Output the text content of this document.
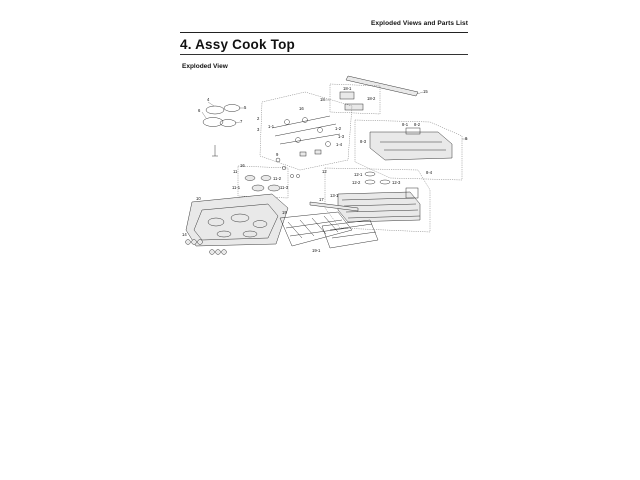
Exploded Views and Parts List
4. Assy Cook Top
Exploded View
4
5
6
7
2
3
1-1	1-2
1-3
1-4
16
15
18
18-1
18-2
8
8-1 8-2
8-3
8-4
16
9
11
11-1
11-2
11-3
12
12-1
12-2	12-3
13-1
17
10
14
19
19-1
